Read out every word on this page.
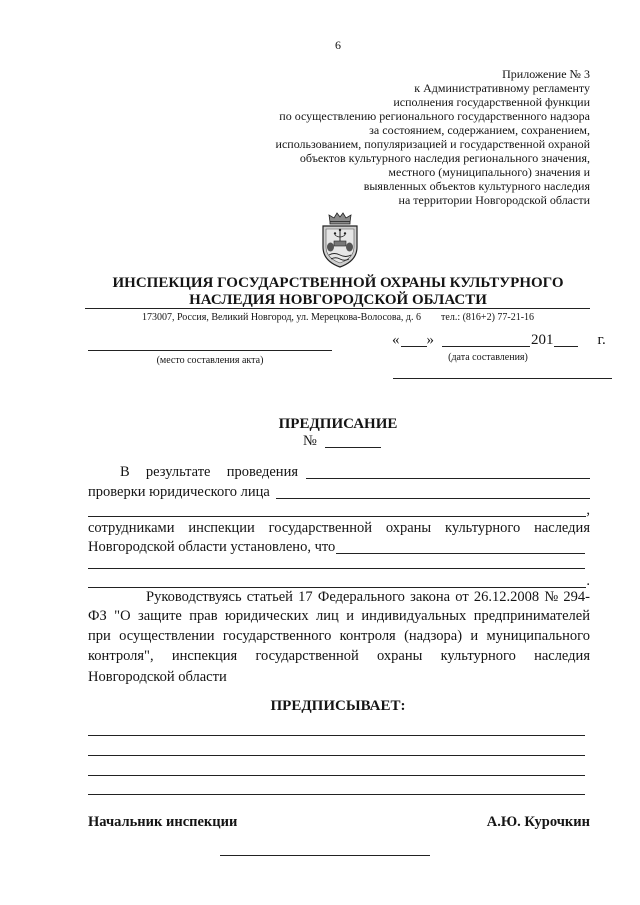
6
Приложение № 3
к Административному регламенту
исполнения государственной функции
по осуществлению регионального государственного надзора
за состоянием, содержанием, сохранением,
использованием, популяризацией и государственной охраной
объектов культурного наследия регионального значения,
местного (муниципального) значения и
выявленных объектов культурного наследия
на территории Новгородской области
ИНСПЕКЦИЯ ГОСУДАРСТВЕННОЙ ОХРАНЫ КУЛЬТУРНОГО
НАСЛЕДИЯ НОВГОРОДСКОЙ ОБЛАСТИ
173007, Россия, Великий Новгород, ул. Мерецкова-Волосова, д. 6 тел.: (816+2) 77-21-16
(место составления акта)
« »	201	г.
(дата составления)
ПРЕДПИСАНИЕ
№
В результате проведения
проверки юридического лица
,
сотрудниками инспекции государственной охраны культурного наследия
Новгородской области установлено, что
.
Руководствуясь статьей 17 Федерального закона от 26.12.2008 № 294-
ФЗ "О защите прав юридических лиц и индивидуальных предпринимателей
при осуществлении государственного контроля (надзора) и муниципального
контроля", инспекция государственной охраны культурного наследия
Новгородской области
ПРЕДПИСЫВАЕТ:
Начальник инспекции	А.Ю. Курочкин
